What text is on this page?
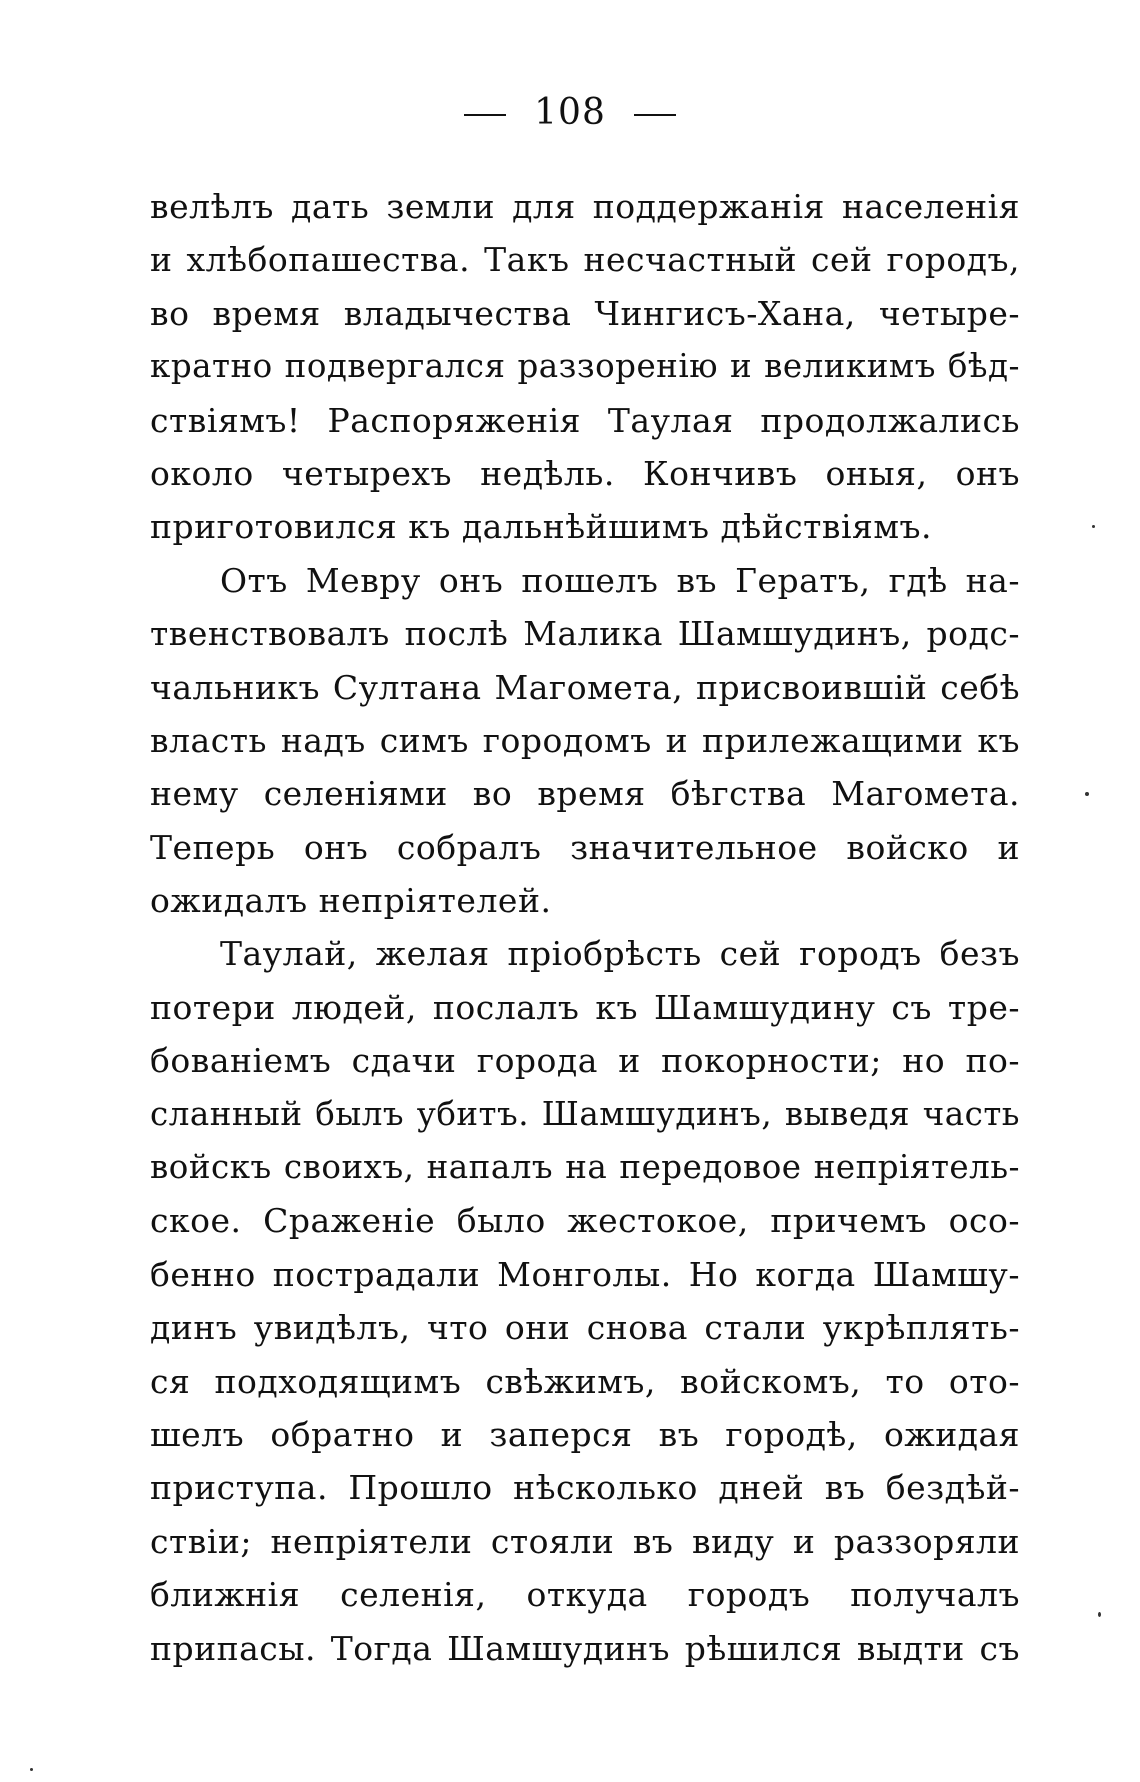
108
велѣлъ дать земли для поддержанія населенія
и хлѣбопашества. Такъ несчастный сей городъ,
во время владычества Чингисъ-Хана, четыре-
кратно подвергался раззоренію и великимъ бѣд-
ствіямъ! Распоряженія Таулая продолжались
около четырехъ недѣль. Кончивъ оныя, онъ
приготовился къ дальнѣйшимъ дѣйствіямъ.
Отъ Мевру онъ пошелъ въ Гератъ, гдѣ на-
твенствовалъ послѣ Малика Шамшудинъ, родс-
чальникъ Султана Магомета, присвоившій себѣ
власть надъ симъ городомъ и прилежащими къ
нему селеніями во время бѣгства Магомета.
Теперь онъ собралъ значительное войско и
ожидалъ непріятелей.
Таулай, желая пріобрѣсть сей городъ безъ
потери людей, послалъ къ Шамшудину съ тре-
бованіемъ сдачи города и покорности; но по-
сланный былъ убитъ. Шамшудинъ, выведя часть
войскъ своихъ, напалъ на передовое непріятель-
ское. Сраженіе было жестокое, причемъ осо-
бенно пострадали Монголы. Но когда Шамшу-
динъ увидѣлъ, что они снова стали укрѣплять-
ся подходящимъ свѣжимъ, войскомъ, то ото-
шелъ обратно и заперся въ городѣ, ожидая
приступа. Прошло нѣсколько дней въ бездѣй-
ствіи; непріятели стояли въ виду и раззоряли
ближнія селенія, откуда городъ получалъ
припасы. Тогда Шамшудинъ рѣшился выдти съ
